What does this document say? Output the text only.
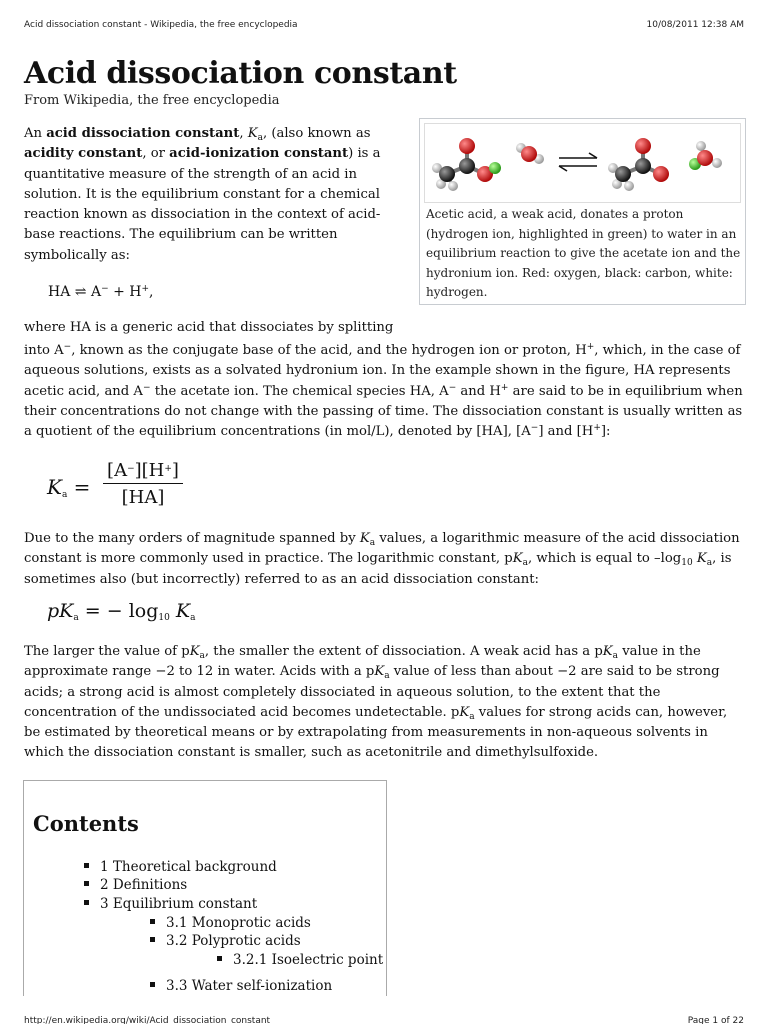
Acid dissociation constant - Wikipedia, the free encyclopedia	10/08/2011 12:38 AM
Acid dissociation constant
From Wikipedia, the free encyclopedia
Acetic acid, a weak acid, donates a proton (hydrogen ion, highlighted in green) to water in an equilibrium reaction to give the acetate ion and the hydronium ion. Red: oxygen, black: carbon, white: hydrogen.

An acid dissociation constant, $K_a$, (also known as acidity constant, or acid-ionization constant) is a quantitative measure of the strength of an acid in solution. It is the equilibrium constant for a chemical reaction known as dissociation in the context of acid-base reactions. The equilibrium can be written symbolically as:

HA ⇌ A− + H+,

where HA is a generic acid that dissociates by splitting

into A−, known as the conjugate base of the acid, and the hydrogen ion or proton, H+, which, in the case of aqueous solutions, exists as a solvated hydronium ion. In the example shown in the figure, HA represents acetic acid, and A− the acetate ion. The chemical species HA, A− and H+ are said to be in equilibrium when their concentrations do not change with the passing of time. The dissociation constant is usually written as a quotient of the equilibrium concentrations (in mol/L), denoted by [HA], [A−] and [H+]:

$K_a = \frac{[A^-][H^+]}{[HA]}$

Due to the many orders of magnitude spanned by $K_a$ values, a logarithmic measure of the acid dissociation constant is more commonly used in practice. The logarithmic constant, $pK_a$, which is equal to $-\log_{10}$ $K_a$, is sometimes also (but incorrectly) referred to as an acid dissociation constant:

$pK_a$ = − $\log_{10} K_a$

The larger the value of $pK_a$, the smaller the extent of dissociation. A weak acid has a $pK_a$ value in the approximate range −2 to 12 in water. Acids with a $pK_a$ value of less than about −2 are said to be strong acids; a strong acid is almost completely dissociated in aqueous solution, to the extent that the concentration of the undissociated acid becomes undetectable. $pK_a$ values for strong acids can, however, be estimated by theoretical means or by extrapolating from measurements in non-aqueous solvents in which the dissociation constant is smaller, such as acetonitrile and dimethylsulfoxide.

Contents
1 Theoretical background
2 Definitions
3 Equilibrium constant
3.1 Monoprotic acids
3.2 Polyprotic acids
3.2.1 Isoelectric point
3.3 Water self-ionization
http://en.wikipedia.org/wiki/Acid_dissociation_constant	Page 1 of 22
